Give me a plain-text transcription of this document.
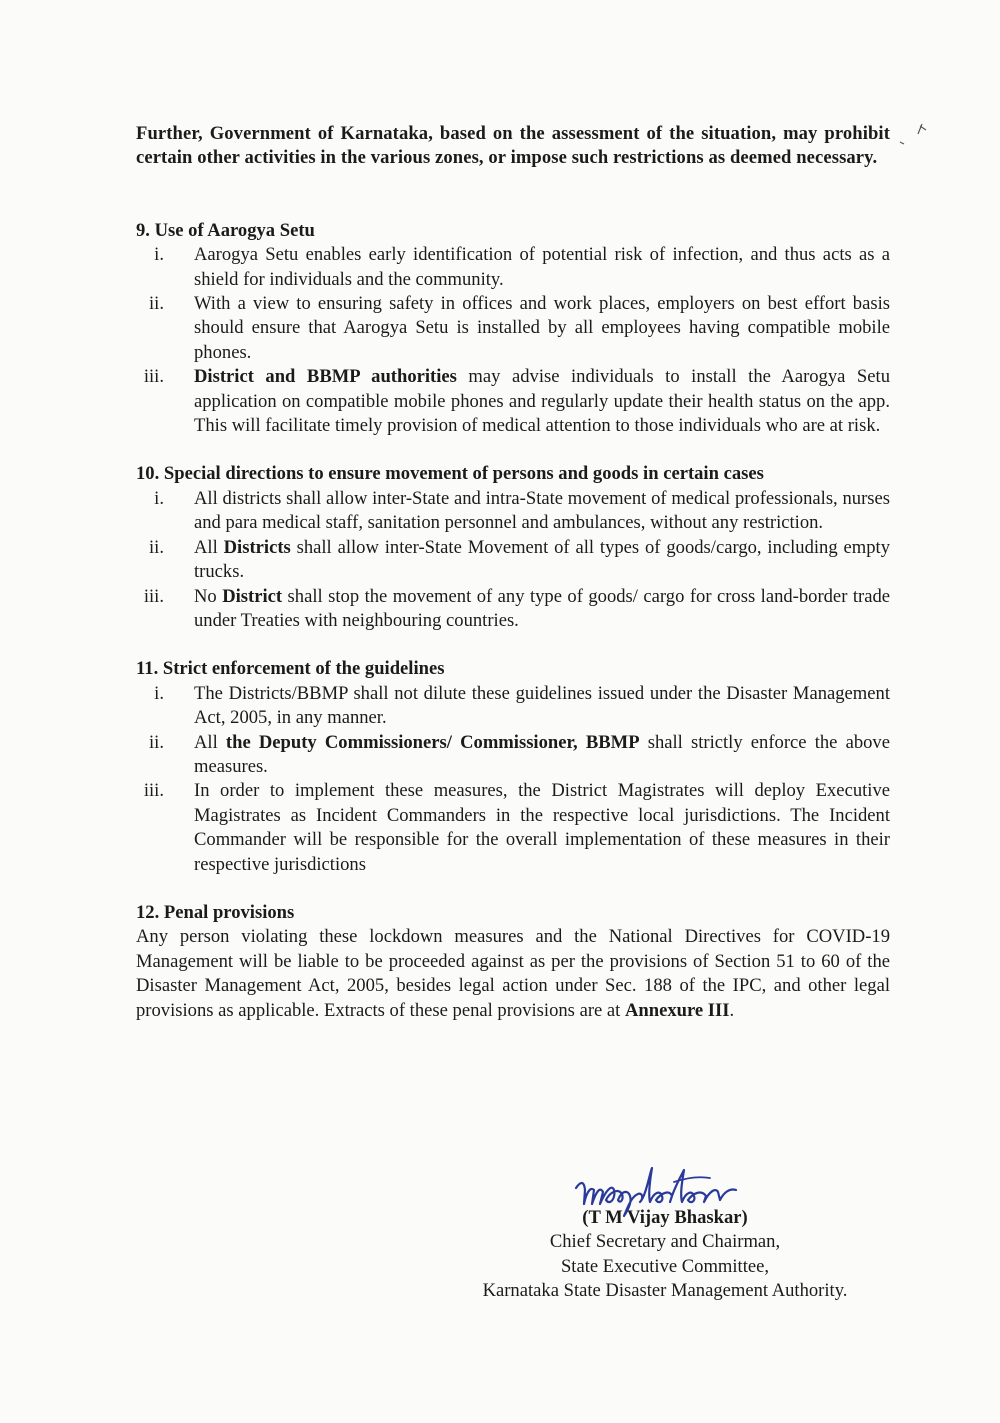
Further, Government of Karnataka, based on the assessment of the situation, may prohibit certain other activities in the various zones, or impose such restrictions as deemed necessary.

9. Use of Aarogya Setu

i.	Aarogya Setu enables early identification of potential risk of infection, and thus acts as a shield for individuals and the community.
ii.	With a view to ensuring safety in offices and work places, employers on best effort basis should ensure that Aarogya Setu is installed by all employees having compatible mobile phones.
iii.	District and BBMP authorities may advise individuals to install the Aarogya Setu application on compatible mobile phones and regularly update their health status on the app. This will facilitate timely provision of medical attention to those individuals who are at risk.

10. Special directions to ensure movement of persons and goods in certain cases

i.	All districts shall allow inter-State and intra-State movement of medical professionals, nurses and para medical staff, sanitation personnel and ambulances, without any restriction.
ii.	All Districts shall allow inter-State Movement of all types of goods/cargo, including empty trucks.
iii.	No District shall stop the movement of any type of goods/ cargo for cross land-border trade under Treaties with neighbouring countries.

11. Strict enforcement of the guidelines

i.	The Districts/BBMP shall not dilute these guidelines issued under the Disaster Management Act, 2005, in any manner.
ii.	All the Deputy Commissioners/ Commissioner, BBMP shall strictly enforce the above measures.
iii.	In order to implement these measures, the District Magistrates will deploy Executive Magistrates as Incident Commanders in the respective local jurisdictions. The Incident Commander will be responsible for the overall implementation of these measures in their respective jurisdictions

12. Penal provisions

Any person violating these lockdown measures and the National Directives for COVID-19 Management will be liable to be proceeded against as per the provisions of Section 51 to 60 of the Disaster Management Act, 2005, besides legal action under Sec. 188 of the IPC, and other legal provisions as applicable. Extracts of these penal provisions are at Annexure III.

(T M Vijay Bhaskar)
Chief Secretary and Chairman,
State Executive Committee,
Karnataka State Disaster Management Authority.
